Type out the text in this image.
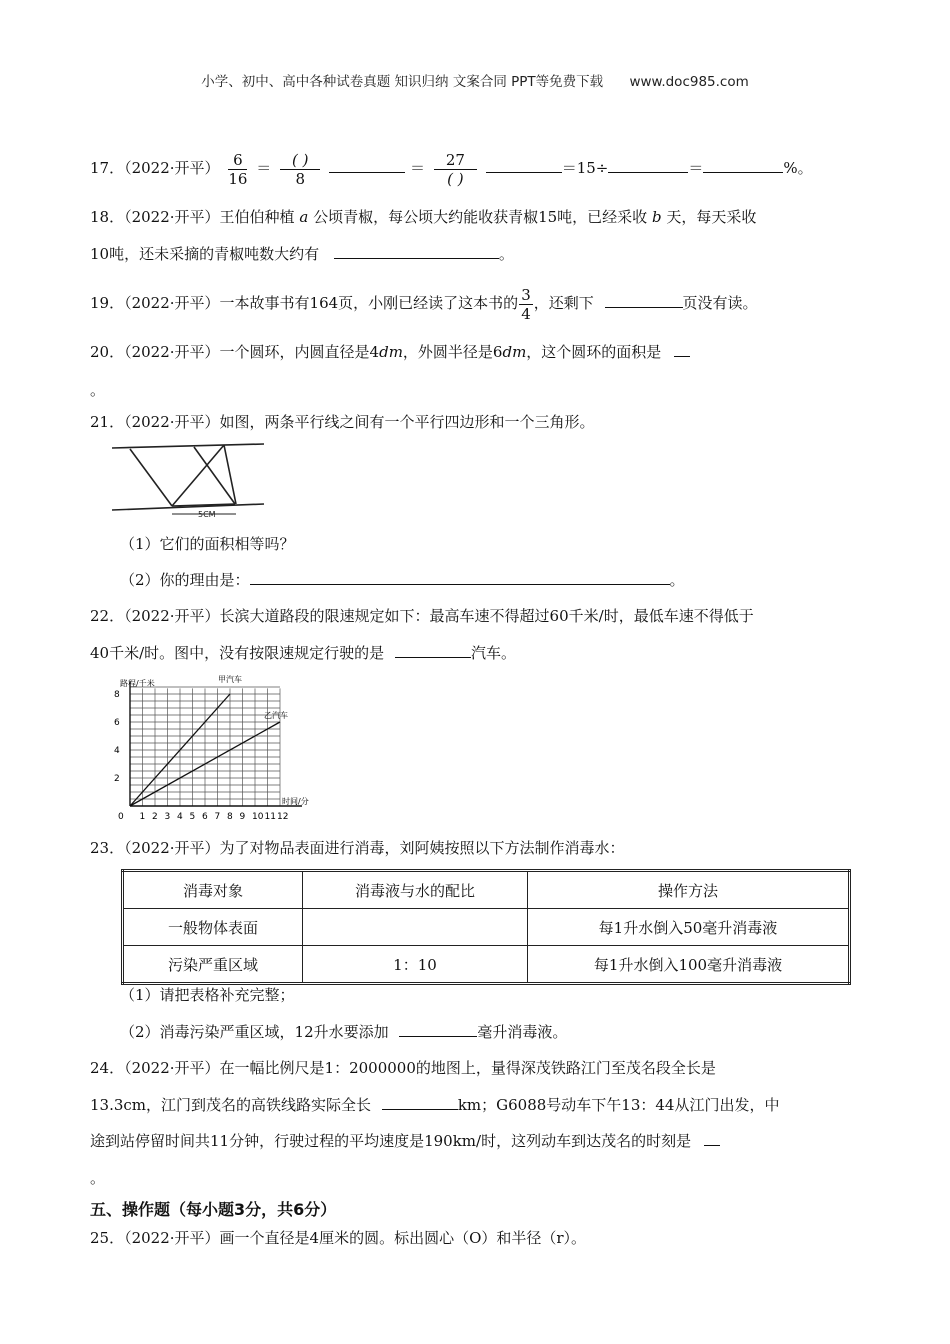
小学、初中、高中各种试卷真题 知识归纳 文案合同 PPT等免费下载 www.doc985.com
17．（2022·开平） $\frac{6}{16} = \frac{( )}{8}$	＝ $\frac{27}{( )}$	＝15÷	＝	%。
18．（2022·开平）王伯伯种植 a 公顷青椒，每公顷大约能收获青椒15吨，已经采收 b 天，每天采收
10吨，还未采摘的青椒吨数大约有	。
19．（2022·开平）一本故事书有164页，小刚已经读了这本书的 $\frac{3}{4}$ ，还剩下	页没有读。
20．（2022·开平）一个圆环，内圆直径是4dm，外圆半径是6dm，这个圆环的面积是
。
21．（2022·开平）如图，两条平行线之间有一个平行四边形和一个三角形。
5CM
（1）它们的面积相等吗？
（2）你的理由是：	。
22．（2022·开平）长滨大道路段的限速规定如下：最高车速不得超过60千米/时，最低车速不得低于
40千米/时。图中，没有按限速规定行驶的是	汽车。
0 1 2 3 4 5 6 7 8 9 10 11 12
2
4
6
8
时间/分
路程/千米	甲汽车
乙汽车
23．（2022·开平）为了对物品表面进行消毒，刘阿姨按照以下方法制作消毒水：
消毒对象	消毒液与水的配比	操作方法
一般物体表面		每1升水倒入50毫升消毒液
污染严重区域	1：10	每1升水倒入100毫升消毒液
（1）请把表格补充完整；
（2）消毒污染严重区域，12升水要添加	毫升消毒液。
24．（2022·开平）在一幅比例尺是1：2000000的地图上，量得深茂铁路江门至茂名段全长是
13.3cm，江门到茂名的高铁线路实际全长	km；G6088号动车下午13：44从江门出发，中
途到站停留时间共11分钟，行驶过程的平均速度是190km/时，这列动车到达茂名的时刻是
。
五、操作题（每小题3分，共6分）
25．（2022·开平）画一个直径是4厘米的圆。标出圆心（O）和半径（r）。
